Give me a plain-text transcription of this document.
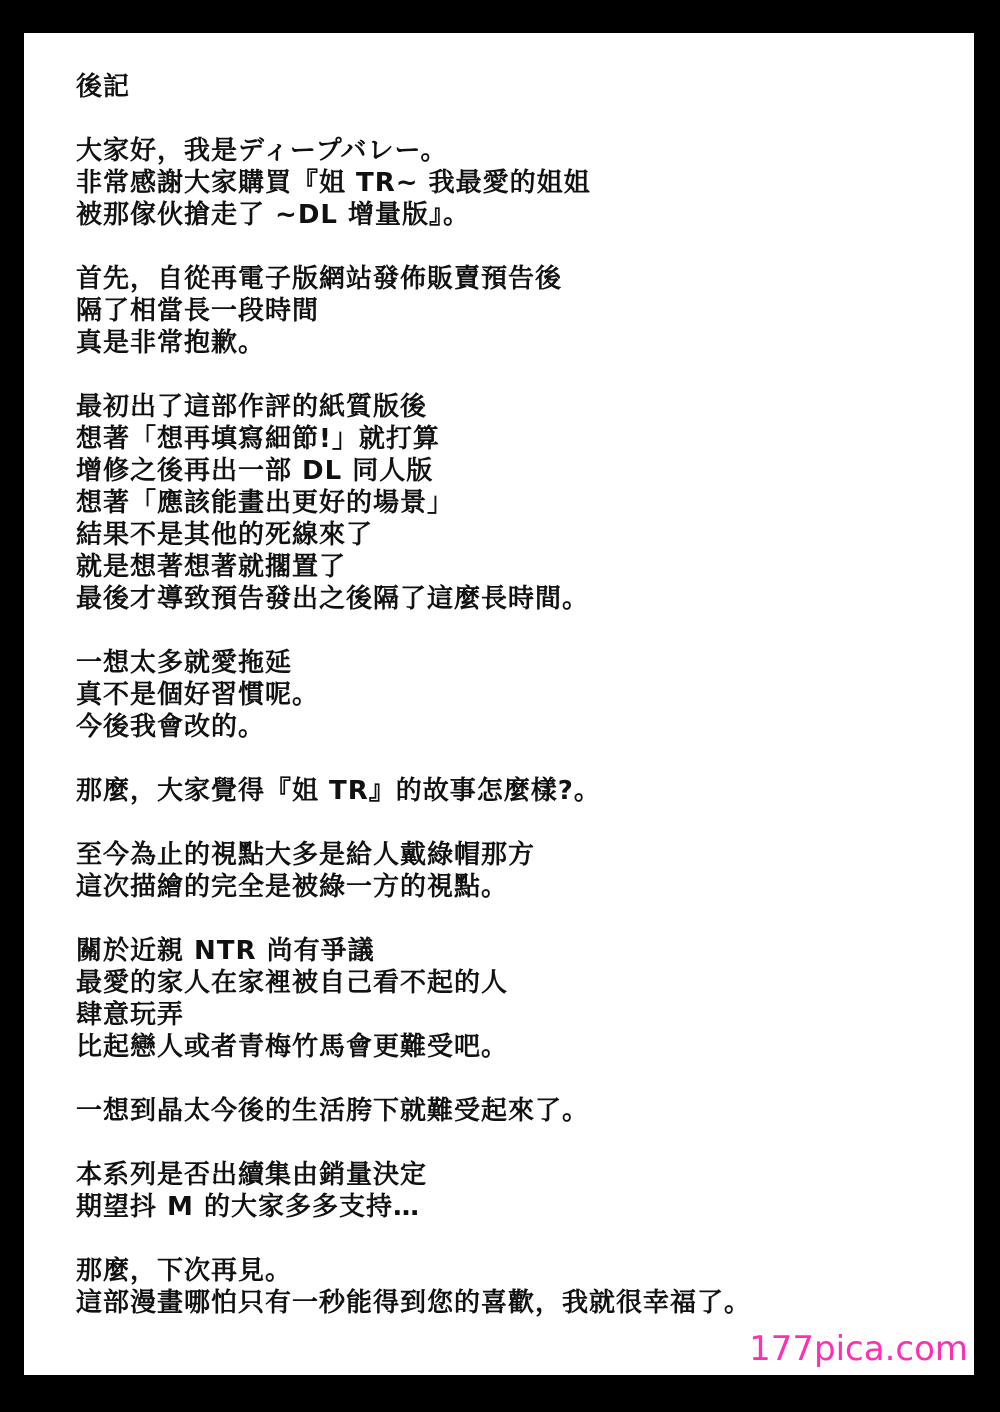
後記
大家好，我是ディープバレー。
非常感謝大家購買『姐 TR~ 我最愛的姐姐
被那傢伙搶走了 ~DL 增量版』。
首先，自從再電子版網站發佈販賣預告後
隔了相當長一段時間
真是非常抱歉。
最初出了這部作評的紙質版後
想著「想再填寫細節!」就打算
增修之後再出一部 DL 同人版
想著「應該能畫出更好的場景」
結果不是其他的死線來了
就是想著想著就擱置了
最後才導致預告發出之後隔了這麼長時間。
一想太多就愛拖延
真不是個好習慣呢。
今後我會改的。
那麼，大家覺得『姐 TR』的故事怎麼樣?。
至今為止的視點大多是給人戴綠帽那方
這次描繪的完全是被綠一方的視點。
關於近親 NTR 尚有爭議
最愛的家人在家裡被自己看不起的人
肆意玩弄
比起戀人或者青梅竹馬會更難受吧。
一想到晶太今後的生活胯下就難受起來了。
本系列是否出續集由銷量決定
期望抖 M 的大家多多支持…
那麼，下次再見。
這部漫畫哪怕只有一秒能得到您的喜歡，我就很幸福了。
177pica.com
